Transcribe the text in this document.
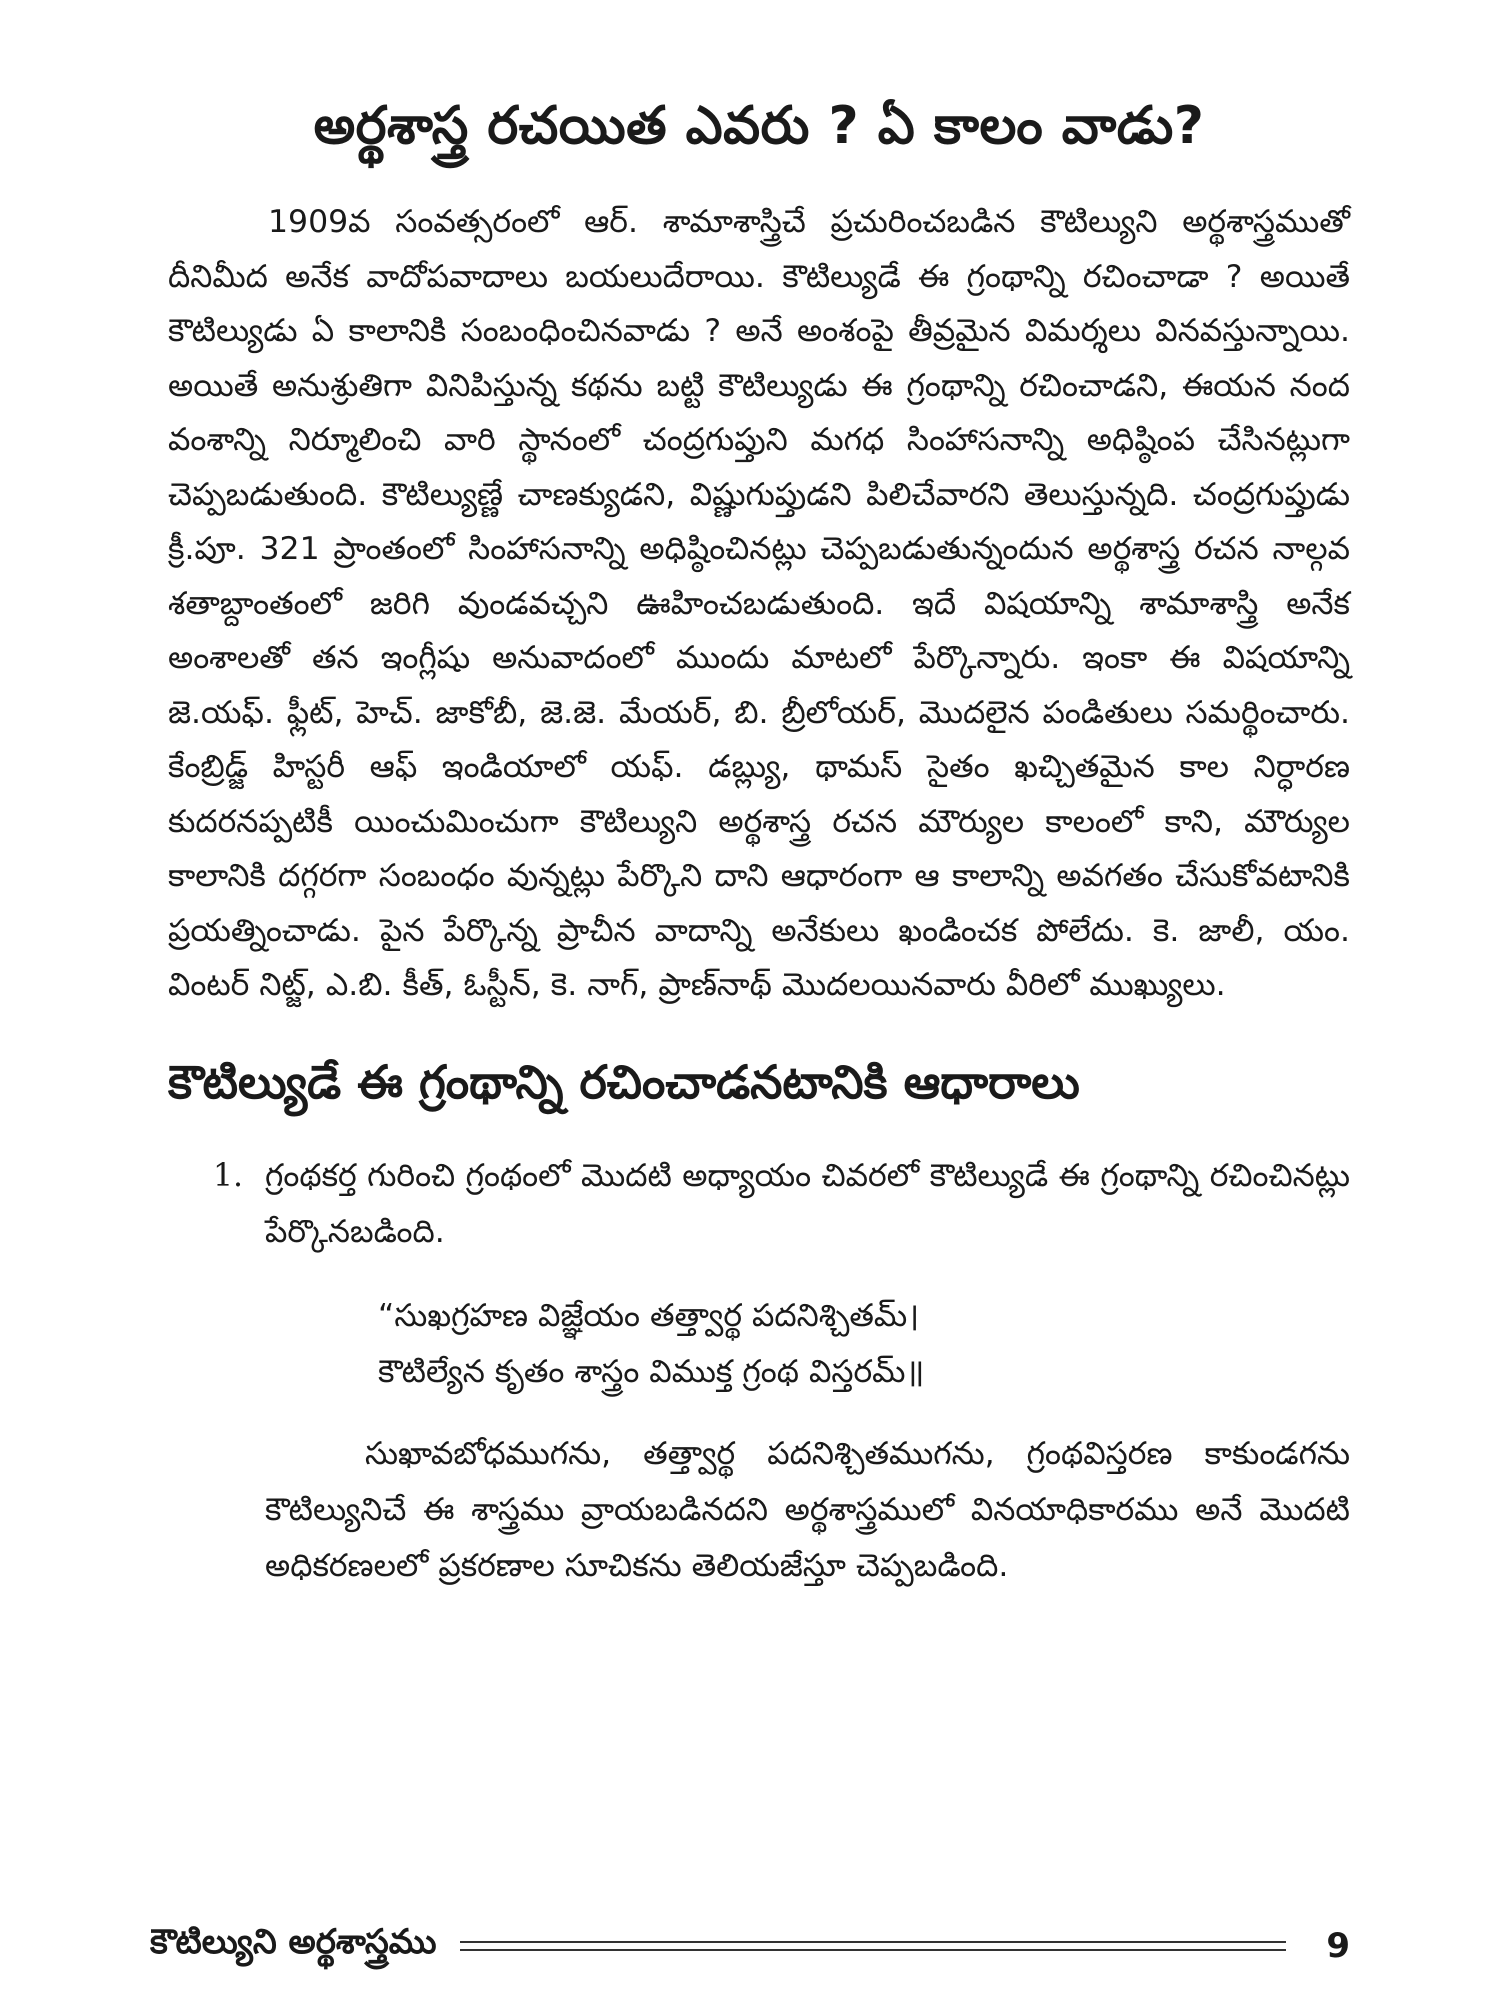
అర్థశాస్త్ర రచయిత ఎవరు ? ఏ కాలం వాడు?

1909వ సంవత్సరంలో ఆర్. శామాశాస్త్రిచే ప్రచురించబడిన కౌటిల్యుని అర్థశాస్త్రముతో దీనిమీద అనేక వాదోపవాదాలు బయలుదేరాయి. కౌటిల్యుడే ఈ గ్రంథాన్ని రచించాడా ? అయితే కౌటిల్యుడు ఏ కాలానికి సంబంధించినవాడు ? అనే అంశంపై తీవ్రమైన విమర్శలు వినవస్తున్నాయి. అయితే అనుశ్రుతిగా వినిపిస్తున్న కథను బట్టి కౌటిల్యుడు ఈ గ్రంథాన్ని రచించాడని, ఈయన నంద వంశాన్ని నిర్మూలించి వారి స్థానంలో చంద్రగుప్తుని మగధ సింహాసనాన్ని అధిష్ఠింప చేసినట్లుగా చెప్పబడుతుంది. కౌటిల్యుణ్ణే చాణక్యుడని, విష్ణుగుప్తుడని పిలిచేవారని తెలుస్తున్నది. చంద్రగుప్తుడు క్రీ.పూ. 321 ప్రాంతంలో సింహాసనాన్ని అధిష్ఠించినట్లు చెప్పబడుతున్నందున అర్థశాస్త్ర రచన నాల్గవ శతాబ్దాంతంలో జరిగి వుండవచ్చని ఊహించబడుతుంది. ఇదే విషయాన్ని శామాశాస్త్రి అనేక అంశాలతో తన ఇంగ్లీషు అనువాదంలో ముందు మాటలో పేర్కొన్నారు. ఇంకా ఈ విషయాన్ని జె.యఫ్. ఫ్లీట్, హెచ్. జాకోబీ, జె.జె. మేయర్, బి. బ్రీలోయర్, మొదలైన పండితులు సమర్థించారు. కేంబ్రిడ్జ్ హిస్టరీ ఆఫ్ ఇండియాలో యఫ్. డబ్ల్యు, థామస్ సైతం ఖచ్చితమైన కాల నిర్ధారణ కుదరనప్పటికీ యించుమించుగా కౌటిల్యుని అర్థశాస్త్ర రచన మౌర్యుల కాలంలో కాని, మౌర్యుల కాలానికి దగ్గరగా సంబంధం వున్నట్లు పేర్కొని దాని ఆధారంగా ఆ కాలాన్ని అవగతం చేసుకోవటానికి ప్రయత్నించాడు. పైన పేర్కొన్న ప్రాచీన వాదాన్ని అనేకులు ఖండించక పోలేదు. కె. జాలీ, యం. వింటర్ నిట్జ్, ఎ.బి. కీత్, ఓస్టీన్, కె. నాగ్, ప్రాణ్‌నాథ్ మొదలయినవారు వీరిలో ముఖ్యులు.

కౌటిల్యుడే ఈ గ్రంథాన్ని రచించాడనటానికి ఆధారాలు
1. గ్రంథకర్త గురించి గ్రంథంలో మొదటి అధ్యాయం చివరలో కౌటిల్యుడే ఈ గ్రంథాన్ని రచించినట్లు పేర్కొనబడింది.
“సుఖగ్రహణ విజ్ఞేయం తత్త్వార్థ పదనిశ్చితమ్।
కౌటిల్యేన కృతం శాస్త్రం విముక్త గ్రంథ విస్తరమ్॥

సుఖావబోధముగను, తత్త్వార్థ పదనిశ్చితముగను, గ్రంథవిస్తరణ కాకుండగను కౌటిల్యునిచే ఈ శాస్త్రము వ్రాయబడినదని అర్థశాస్త్రములో వినయాధికారము అనే మొదటి అధికరణలలో ప్రకరణాల సూచికను తెలియజేస్తూ చెప్పబడింది.

కౌటిల్యుని అర్థశాస్త్రము	9
